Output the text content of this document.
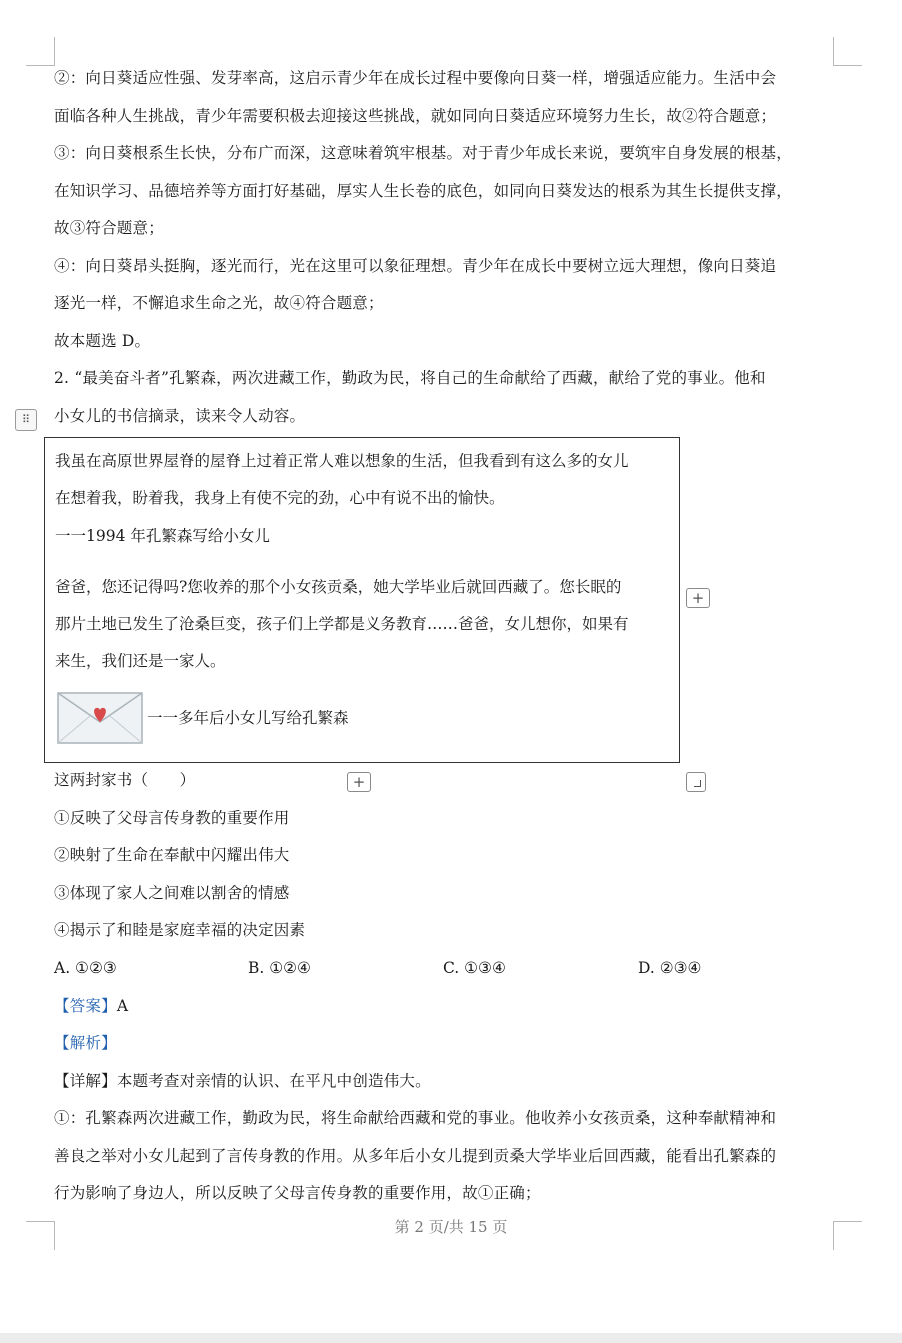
②：向日葵适应性强、发芽率高，这启示青少年在成长过程中要像向日葵一样，增强适应能力。生活中会
面临各种人生挑战，青少年需要积极去迎接这些挑战，就如同向日葵适应环境努力生长，故②符合题意；
③：向日葵根系生长快，分布广而深，这意味着筑牢根基。对于青少年成长来说，要筑牢自身发展的根基，
在知识学习、品德培养等方面打好基础，厚实人生长卷的底色，如同向日葵发达的根系为其生长提供支撑，
故③符合题意；
④：向日葵昂头挺胸，逐光而行，光在这里可以象征理想。青少年在成长中要树立远大理想，像向日葵追
逐光一样，不懈追求生命之光，故④符合题意；
故本题选 D。
2. “最美奋斗者”孔繁森，两次进藏工作，勤政为民，将自己的生命献给了西藏，献给了党的事业。他和
小女儿的书信摘录，读来令人动容。
⠿
我虽在高原世界屋脊的屋脊上过着正常人难以想象的生活，但我看到有这么多的女儿
在想着我，盼着我，我身上有使不完的劲，心中有说不出的愉快。
一一1994 年孔繁森写给小女儿
爸爸，您还记得吗?您收养的那个小女孩贡桑，她大学毕业后就回西藏了。您长眠的
那片土地已发生了沧桑巨变，孩子们上学都是义务教育……爸爸，女儿想你，如果有
来生，我们还是一家人。
一一多年后小女儿写给孔繁森
+
+
这两封家书（　　）
①反映了父母言传身教的重要作用
②映射了生命在奉献中闪耀出伟大
③体现了家人之间难以割舍的情感
④揭示了和睦是家庭幸福的决定因素
A. ①②③	B. ①②④	C. ①③④	D. ②③④
【答案】A
【解析】
【详解】本题考查对亲情的认识、在平凡中创造伟大。
①：孔繁森两次进藏工作，勤政为民，将生命献给西藏和党的事业。他收养小女孩贡桑，这种奉献精神和
善良之举对小女儿起到了言传身教的作用。从多年后小女儿提到贡桑大学毕业后回西藏，能看出孔繁森的
行为影响了身边人，所以反映了父母言传身教的重要作用，故①正确；
第 2 页/共 15 页
